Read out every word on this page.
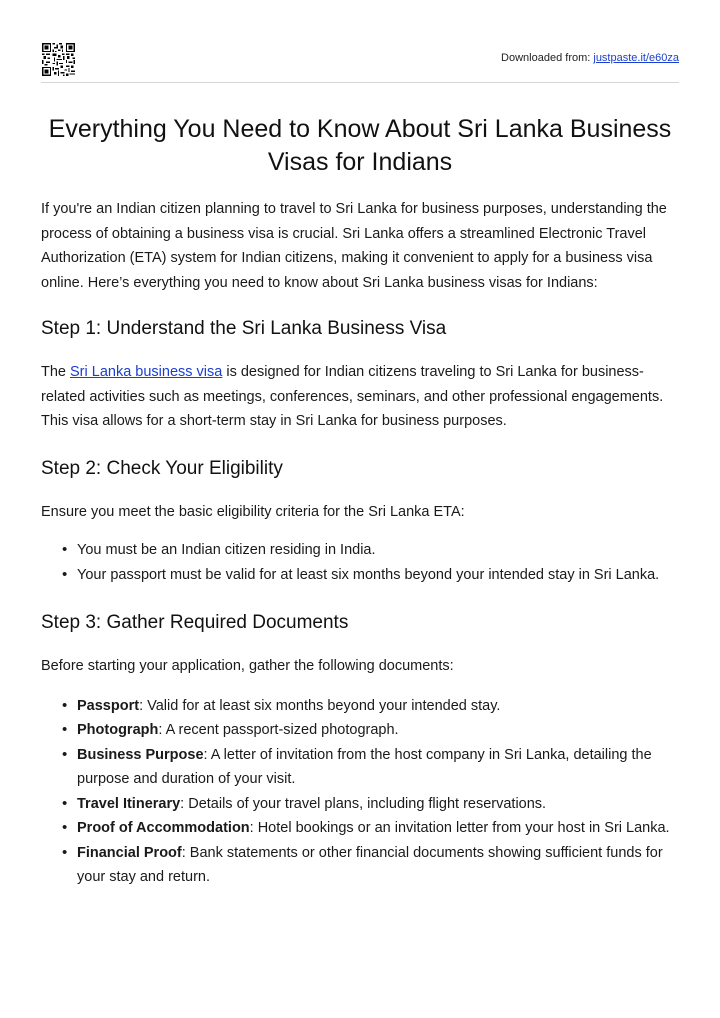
Downloaded from: justpaste.it/e60za
Everything You Need to Know About Sri Lanka Business Visas for Indians

If you're an Indian citizen planning to travel to Sri Lanka for business purposes, understanding the process of obtaining a business visa is crucial. Sri Lanka offers a streamlined Electronic Travel Authorization (ETA) system for Indian citizens, making it convenient to apply for a business visa online. Here’s everything you need to know about Sri Lanka business visas for Indians:

Step 1: Understand the Sri Lanka Business Visa

The Sri Lanka business visa is designed for Indian citizens traveling to Sri Lanka for business-related activities such as meetings, conferences, seminars, and other professional engagements. This visa allows for a short-term stay in Sri Lanka for business purposes.

Step 2: Check Your Eligibility

Ensure you meet the basic eligibility criteria for the Sri Lanka ETA:

• You must be an Indian citizen residing in India.
• Your passport must be valid for at least six months beyond your intended stay in Sri Lanka.
Step 3: Gather Required Documents

Before starting your application, gather the following documents:

• Passport: Valid for at least six months beyond your intended stay.
• Photograph: A recent passport-sized photograph.
• Business Purpose: A letter of invitation from the host company in Sri Lanka, detailing the purpose and duration of your visit.
• Travel Itinerary: Details of your travel plans, including flight reservations.
• Proof of Accommodation: Hotel bookings or an invitation letter from your host in Sri Lanka.
• Financial Proof: Bank statements or other financial documents showing sufficient funds for your stay and return.
